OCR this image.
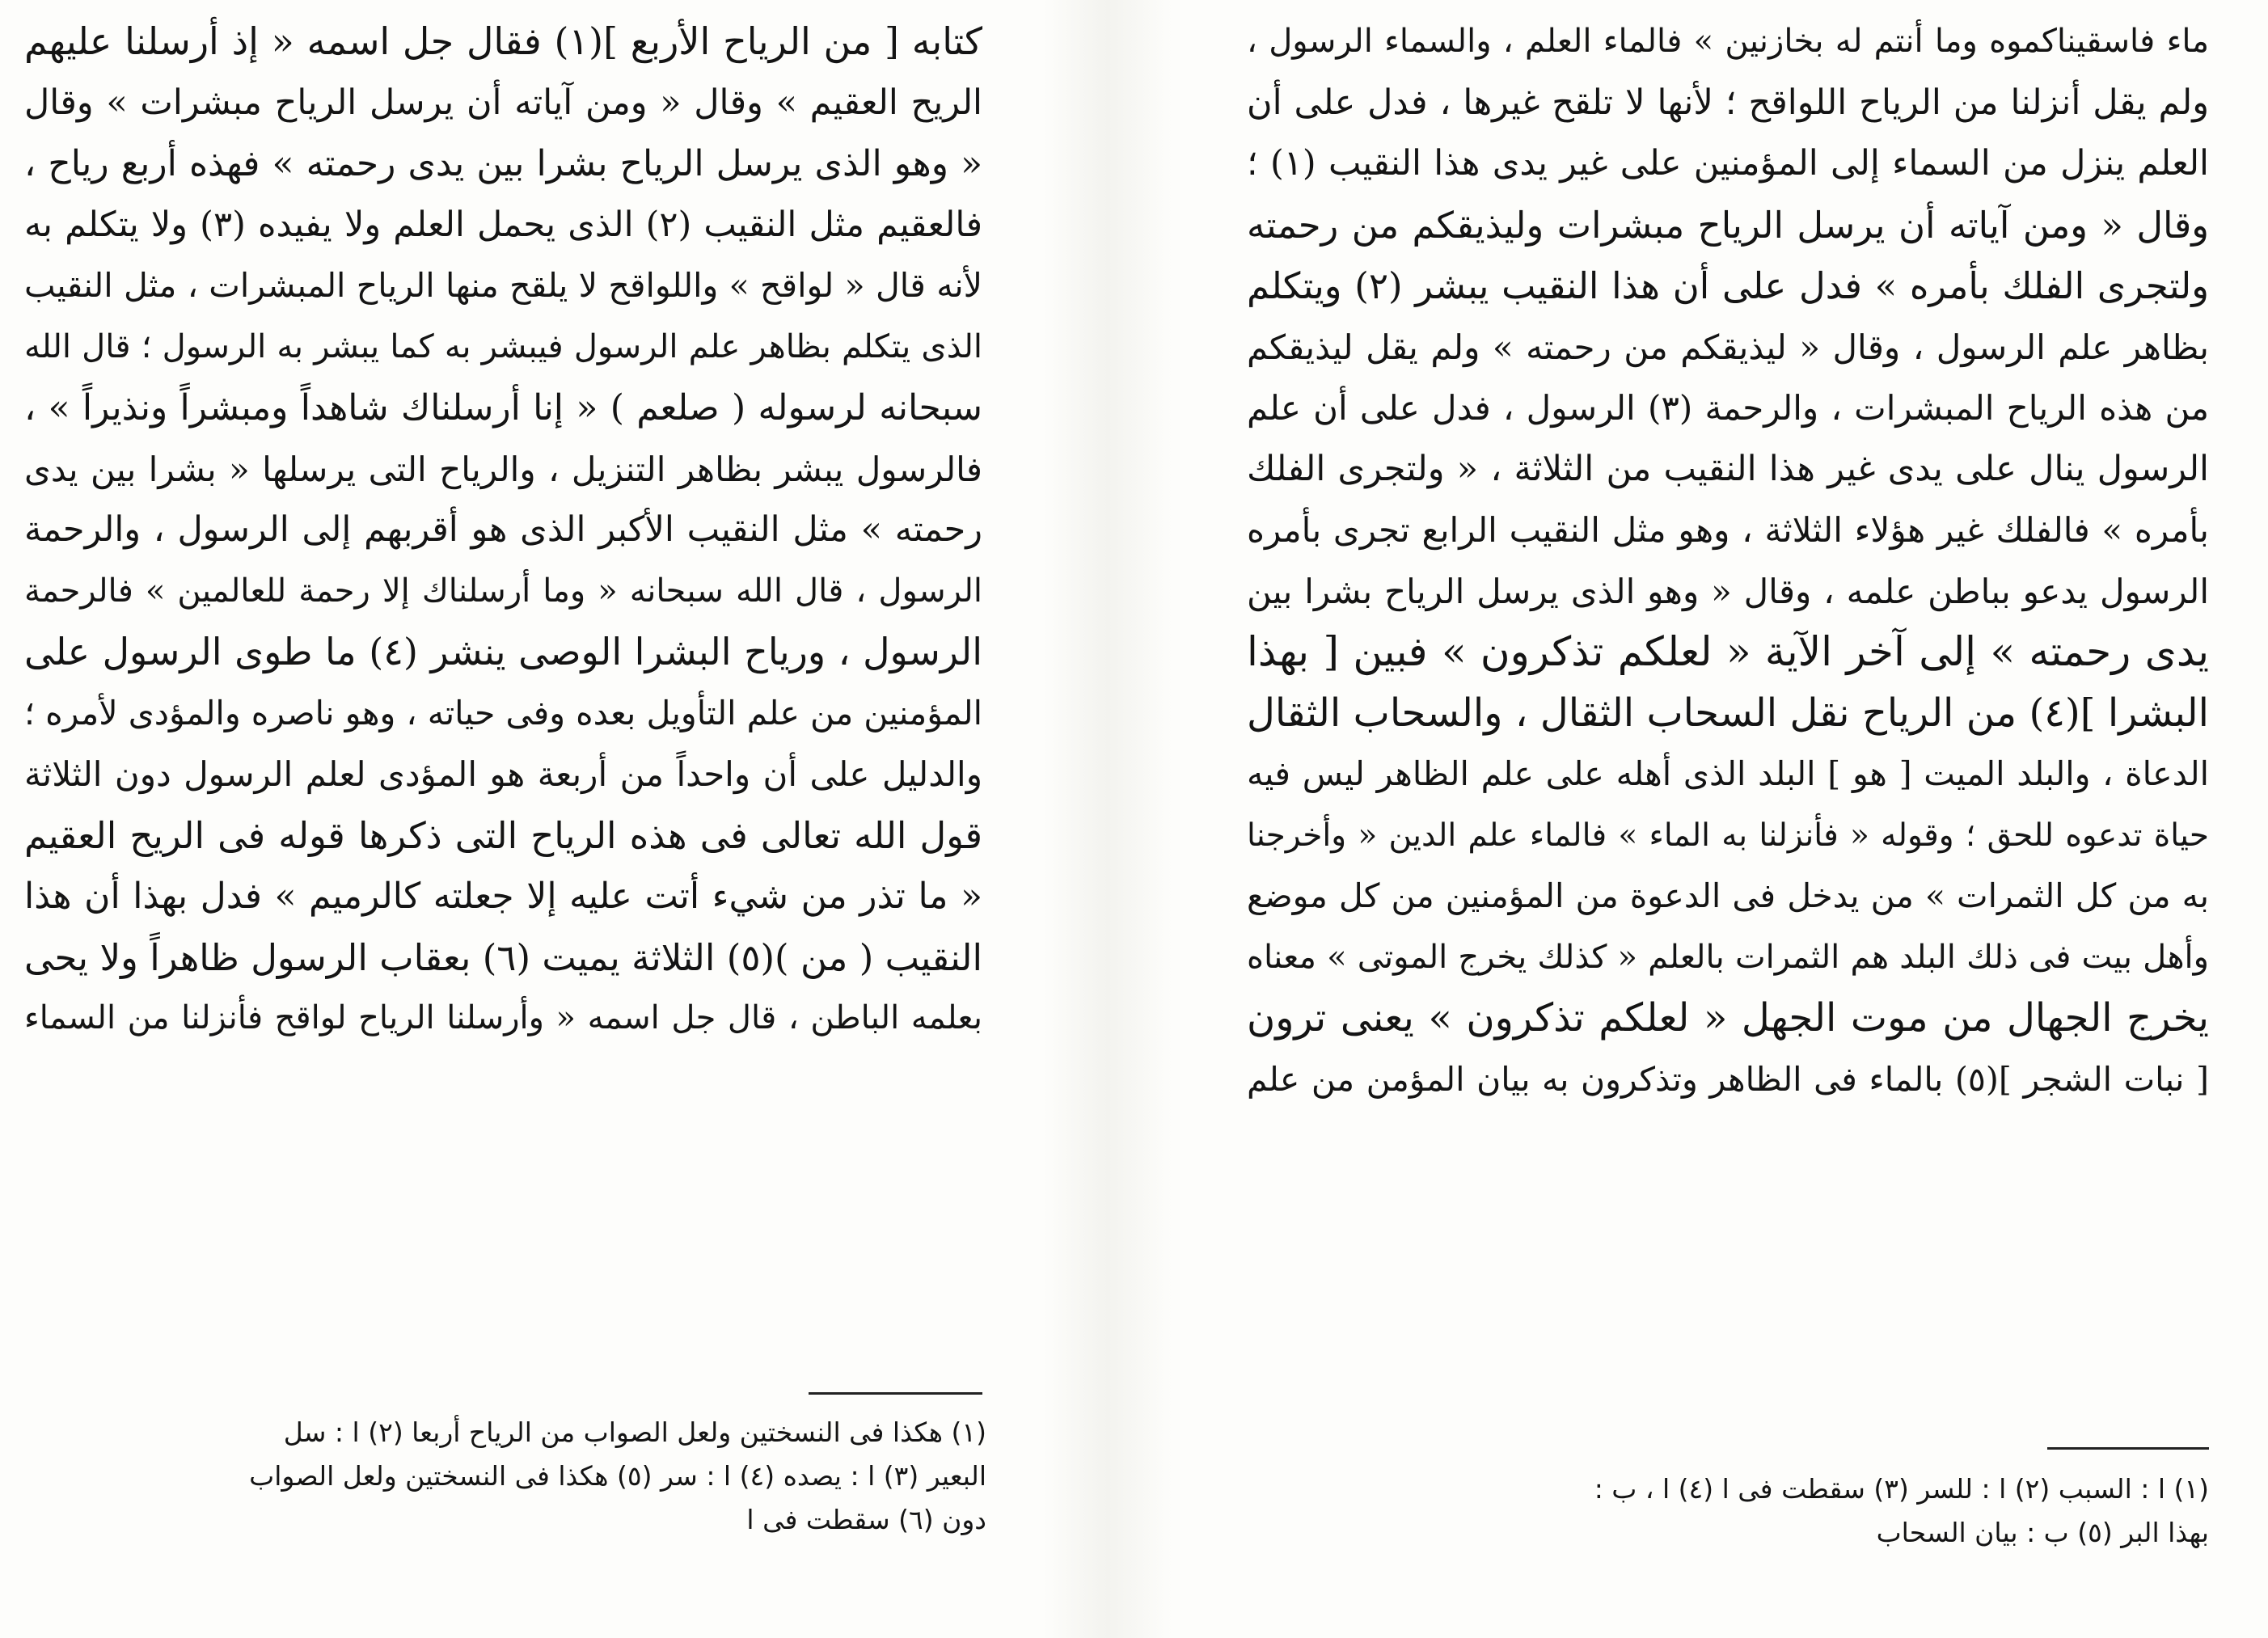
كتابه [ من الرياح الأربع ](١) فقال جل اسمه « إذ أرسلنا عليهم
الريح العقيم » وقال « ومن آياته أن يرسل الرياح مبشرات » وقال
« وهو الذى يرسل الرياح بشرا بين يدى رحمته » فهذه أربع رياح ،
فالعقيم مثل النقيب (٢) الذى يحمل العلم ولا يفيده (٣) ولا يتكلم به
لأنه قال « لواقح » واللواقح لا يلقح منها الرياح المبشرات ، مثل النقيب
الذى يتكلم بظاهر علم الرسول فيبشر به كما يبشر به الرسول ؛ قال الله
سبحانه لرسوله ( صلعم ) « إنا أرسلناك شاهداً ومبشراً ونذيراً » ،
فالرسول يبشر بظاهر التنزيل ، والرياح التى يرسلها « بشرا بين يدى
رحمته » مثل النقيب الأكبر الذى هو أقربهم إلى الرسول ، والرحمة
الرسول ، قال الله سبحانه « وما أرسلناك إلا رحمة للعالمين » فالرحمة
الرسول ، ورياح البشرا الوصى ينشر (٤) ما طوى الرسول على
المؤمنين من علم التأويل بعده وفى حياته ، وهو ناصره والمؤدى لأمره ؛
والدليل على أن واحداً من أربعة هو المؤدى لعلم الرسول دون الثلاثة
قول الله تعالى فى هذه الرياح التى ذكرها قوله فى الريح العقيم
« ما تذر من شيء أتت عليه إلا جعلته كالرميم » فدل بهذا أن هذا
النقيب ( من )(٥) الثلاثة يميت (٦) بعقاب الرسول ظاهراً ولا يحى
بعلمه الباطن ، قال جل اسمه « وأرسلنا الرياح لواقح فأنزلنا من السماء
(١) هكذا فى النسختين ولعل الصواب من الرياح أربعا (٢) ا : سل
البعير (٣) ا : يصده (٤) ا : سر (٥) هكذا فى النسختين ولعل الصواب
دون (٦) سقطت فى ا
ماء فاسقيناكموه وما أنتم له بخازنين » فالماء العلم ، والسماء الرسول ،
ولم يقل أنزلنا من الرياح اللواقح ؛ لأنها لا تلقح غيرها ، فدل على أن
العلم ينزل من السماء إلى المؤمنين على غير يدى هذا النقيب (١) ؛
وقال « ومن آياته أن يرسل الرياح مبشرات وليذيقكم من رحمته
ولتجرى الفلك بأمره » فدل على أن هذا النقيب يبشر (٢) ويتكلم
بظاهر علم الرسول ، وقال « ليذيقكم من رحمته » ولم يقل ليذيقكم
من هذه الرياح المبشرات ، والرحمة (٣) الرسول ، فدل على أن علم
الرسول ينال على يدى غير هذا النقيب من الثلاثة ، « ولتجرى الفلك
بأمره » فالفلك غير هؤلاء الثلاثة ، وهو مثل النقيب الرابع تجرى بأمره
الرسول يدعو بباطن علمه ، وقال « وهو الذى يرسل الرياح بشرا بين
يدى رحمته » إلى آخر الآية « لعلكم تذكرون » فبين [ بهذا
البشرا ](٤) من الرياح نقل السحاب الثقال ، والسحاب الثقال
الدعاة ، والبلد الميت [ هو ] البلد الذى أهله على علم الظاهر ليس فيه
حياة تدعوه للحق ؛ وقوله « فأنزلنا به الماء » فالماء علم الدين « وأخرجنا
به من كل الثمرات » من يدخل فى الدعوة من المؤمنين من كل موضع
وأهل بيت فى ذلك البلد هم الثمرات بالعلم « كذلك يخرج الموتى » معناه
يخرج الجهال من موت الجهل « لعلكم تذكرون » يعنى ترون
[ نبات الشجر ](٥) بالماء فى الظاهر وتذكرون به بيان المؤمن من علم
(١) ا : السبب (٢) ا : للسر (٣) سقطت فى ا (٤) ا ، ب :
بهذا البر (٥) ب : بيان السحاب
